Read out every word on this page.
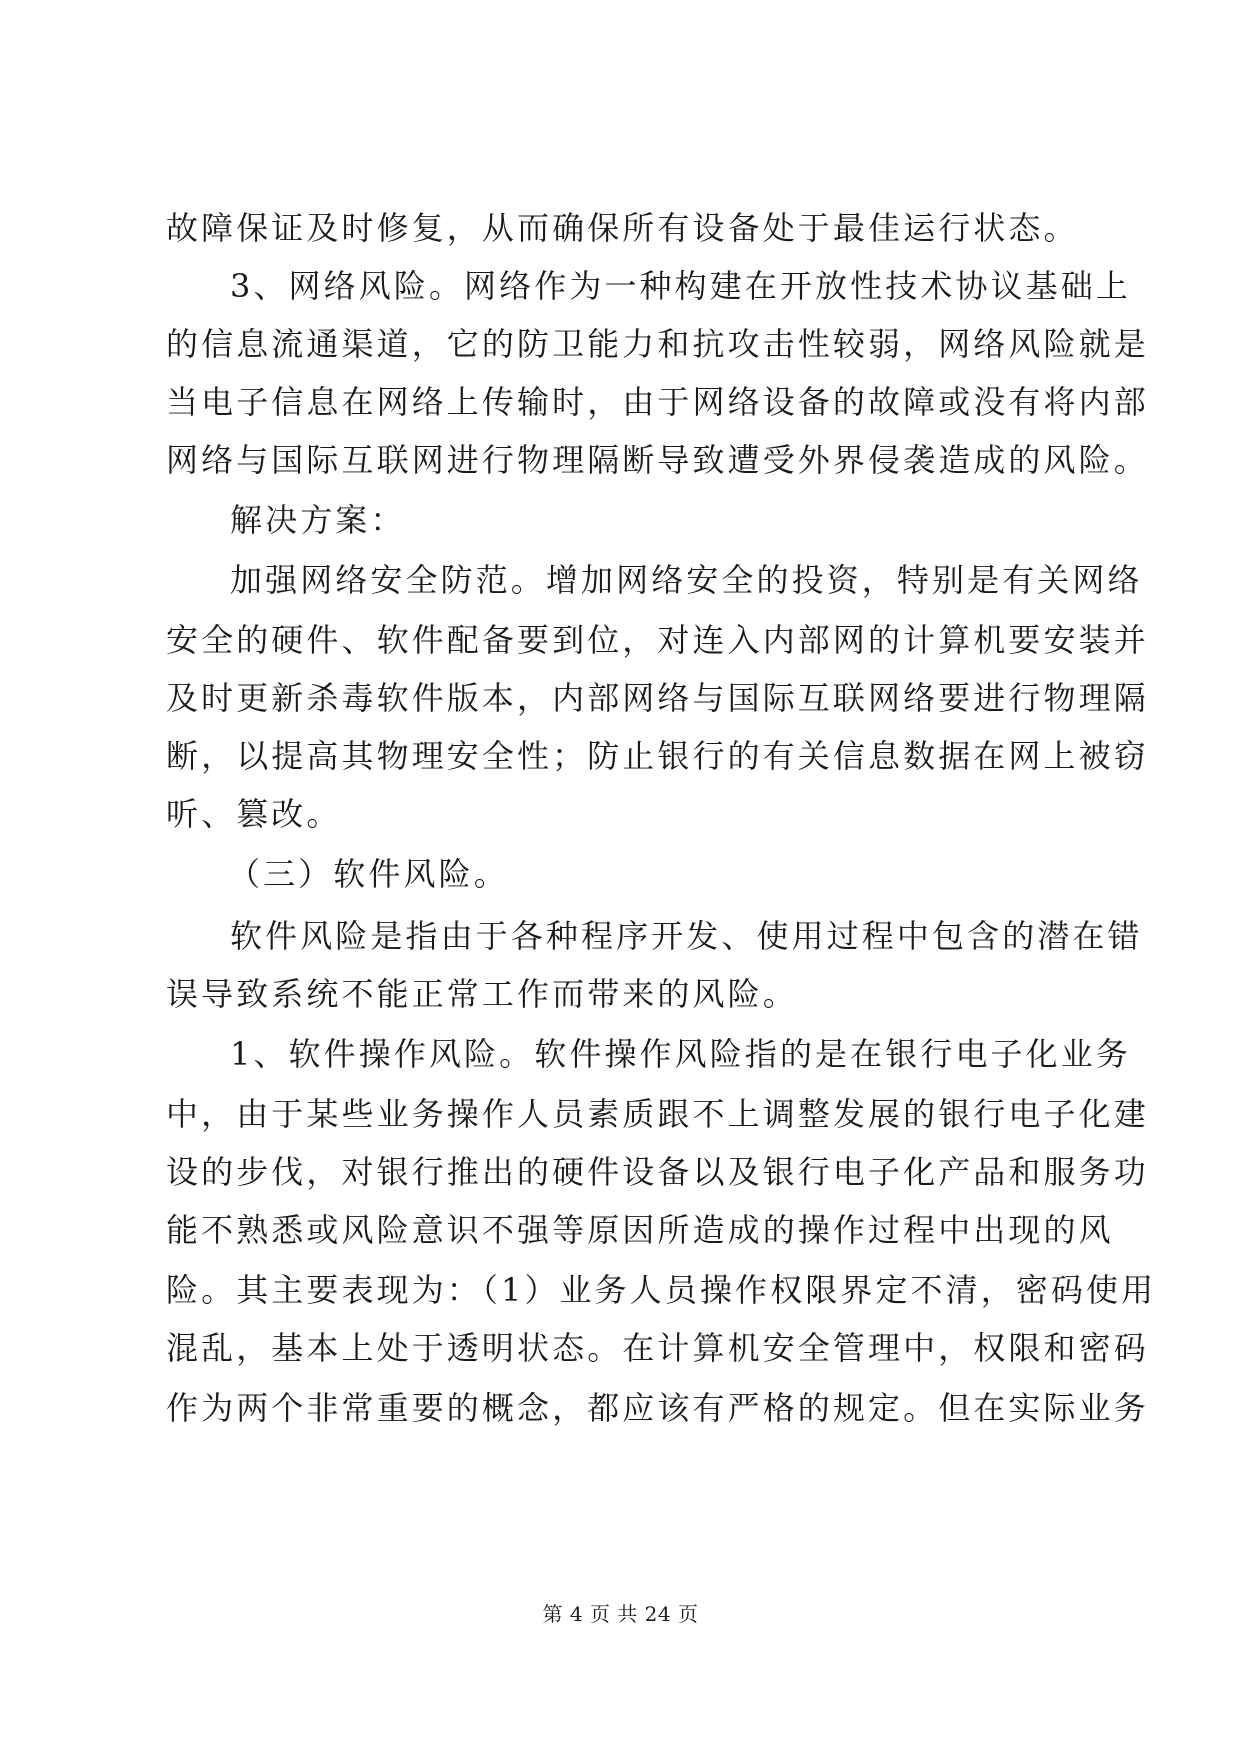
故障保证及时修复，从而确保所有设备处于最佳运行状态。
3、网络风险。网络作为一种构建在开放性技术协议基础上
的信息流通渠道，它的防卫能力和抗攻击性较弱，网络风险就是
当电子信息在网络上传输时，由于网络设备的故障或没有将内部
网络与国际互联网进行物理隔断导致遭受外界侵袭造成的风险。
解决方案：
加强网络安全防范。增加网络安全的投资，特别是有关网络
安全的硬件、软件配备要到位，对连入内部网的计算机要安装并
及时更新杀毒软件版本，内部网络与国际互联网络要进行物理隔
断，以提高其物理安全性；防止银行的有关信息数据在网上被窃
听、篡改。
（三）软件风险。
软件风险是指由于各种程序开发、使用过程中包含的潜在错
误导致系统不能正常工作而带来的风险。
1、软件操作风险。软件操作风险指的是在银行电子化业务
中，由于某些业务操作人员素质跟不上调整发展的银行电子化建
设的步伐，对银行推出的硬件设备以及银行电子化产品和服务功
能不熟悉或风险意识不强等原因所造成的操作过程中出现的风
险。其主要表现为：（1）业务人员操作权限界定不清，密码使用
混乱，基本上处于透明状态。在计算机安全管理中，权限和密码
作为两个非常重要的概念，都应该有严格的规定。但在实际业务
第 4 页 共 24 页
